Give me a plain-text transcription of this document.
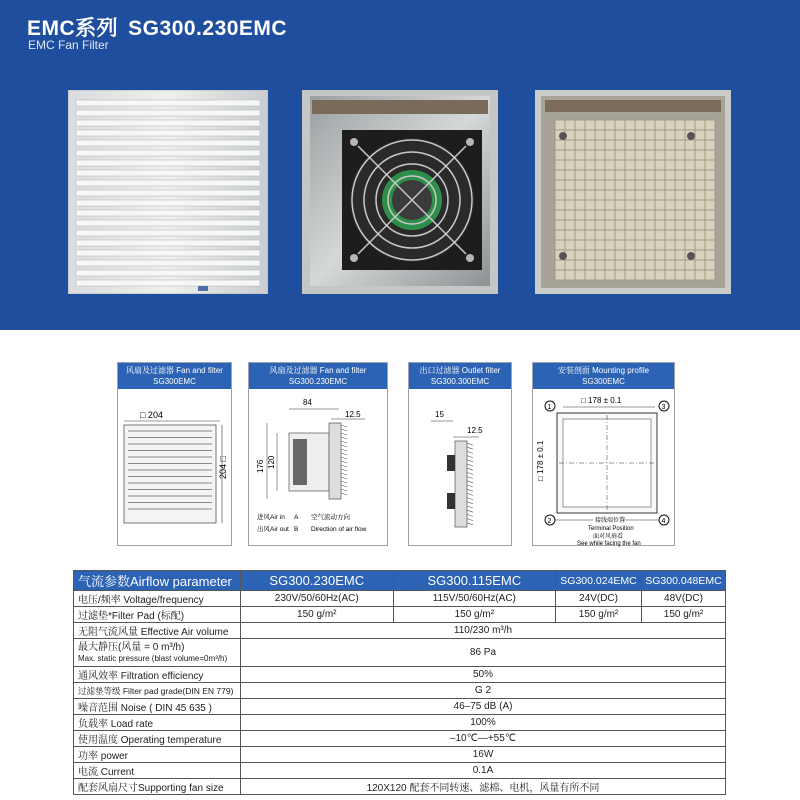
EMC系列 SG300.230EMC
EMC Fan Filter
风扇及过滤器 Fan and filter
SG300EMC
□ 204
204 □
风扇及过滤器 Fan and filter
SG300.230EMC
84
12.5
176 120
进风Air in A 空气流动方向
出风Air out B Direction of air flow
出口过滤器 Outlet filter
SG300.300EMC
15
12.5
安装剖面 Mounting profile
SG300EMC
□ 178 ± 0.1
□ 178 ± 0.1
1	3
2	4
接线端位置
Terminal Position
面对风扇看
See while facing the fan
气流参数Airflow parameter	SG300.230EMC	SG300.115EMC	SG300.024EMC	SG300.048EMC
电压/频率 Voltage/frequency	230V/50/60Hz(AC)	115V/50/60Hz(AC)	24V(DC)	48V(DC)
过滤垫*Filter Pad (标配)	150 g/m²	150 g/m²	150 g/m²	150 g/m²
无阻气流风量 Effective Air volume	110/230 m³/h			

最大静压(风量 = 0 m³/h)
Max. static pressure (blast volume=0m³/h)	86 Pa			
通风效率 Filtration efficiency	50%			
过滤垫等级 Filter pad grade(DIN EN 779)	G 2			
噪音范围 Noise ( DIN 45 635 )	46–75 dB (A)			
负载率 Load rate	100%			
使用温度 Operating temperature	–10℃—+55℃			
功率 power	16W			
电流 Current	0.1A			
配套风扇尺寸Supporting fan size	120X120 配套不同转速、滤棉、电机，风量有所不同			
